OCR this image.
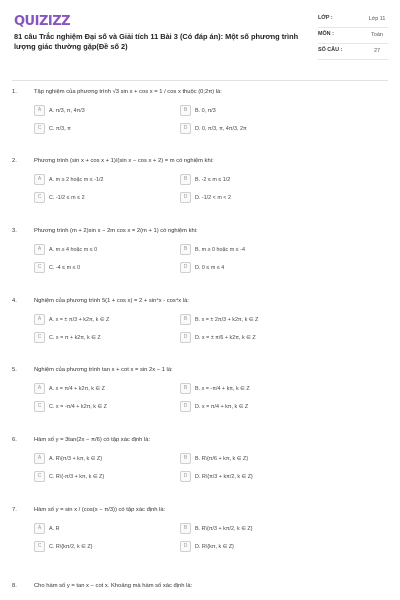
QUIZIZZ
81 câu Trắc nghiệm Đại số và Giải tích 11 Bài 3 (Có đáp án): Một số phương trình lượng giác thường gặp(Đề số 2)
LỚP :	Lớp 11
MÔN :	Toán
SỐ CÂU :	27
1.	Tập nghiệm của phương trình √3 sin x + cos x = 1 / cos x thuộc (0;2π) là:
A	A. π/3, π, 4π/3	B	B. 0, π/3
C	C. π/3, π	D	D. 0, π/3, π, 4π/3, 2π
2.	Phương trình (sin x + cos x + 1)/(sin x − cos x + 2) = m có nghiệm khi:
A	A. m ≥ 2 hoặc m ≤ -1/2	B	B. -2 ≤ m ≤ 1/2
C	C. -1/2 ≤ m ≤ 2	D	D. -1/2 < m < 2
3.	Phương trình (m + 2)sin x − 2m cos x = 2(m + 1) có nghiệm khi:
A	A. m ≥ 4 hoặc m ≤ 0	B	B. m ≥ 0 hoặc m ≤ -4
C	C. -4 ≤ m ≤ 0	D	D. 0 ≤ m ≤ 4
4.	Nghiệm của phương trình 5(1 + cos x) = 2 + sin⁴x - cos⁴x là:
A	A. x = ± π/3 + k2π, k ∈ Z	B	B. x = ± 2π/3 + k2π, k ∈ Z
C	C. x = π + k2π, k ∈ Z	D	D. x = ± π/6 + k2π, k ∈ Z
5.	Nghiệm của phương trình tan x + cot x = sin 2x − 1 là:
A	A. x = π/4 + k2π, k ∈ Z	B	B. x = -π/4 + kπ, k ∈ Z
C	C. x = -π/4 + k2π, k ∈ Z	D	D. x = π/4 + kπ, k ∈ Z
6.	Hàm số y = 3tan(2x − π/6) có tập xác định là:
A	A. R\{π/3 + kπ, k ∈ Z}	B	B. R\{π/6 + kπ, k ∈ Z}
C	C. R\{-π/3 + kπ, k ∈ Z}	D	D. R\{π/3 + kπ/2, k ∈ Z}
7.	Hàm số y = sin x / (cos(x − π/3)) có tập xác định là:
A	A. R	B	B. R\{π/3 + kπ/2, k ∈ Z}
C	C. R\{kπ/2, k ∈ Z}	D	D. R\{kπ, k ∈ Z}
8.	Cho hàm số y = tan x − cot x. Khoảng mà hàm số xác định là:
